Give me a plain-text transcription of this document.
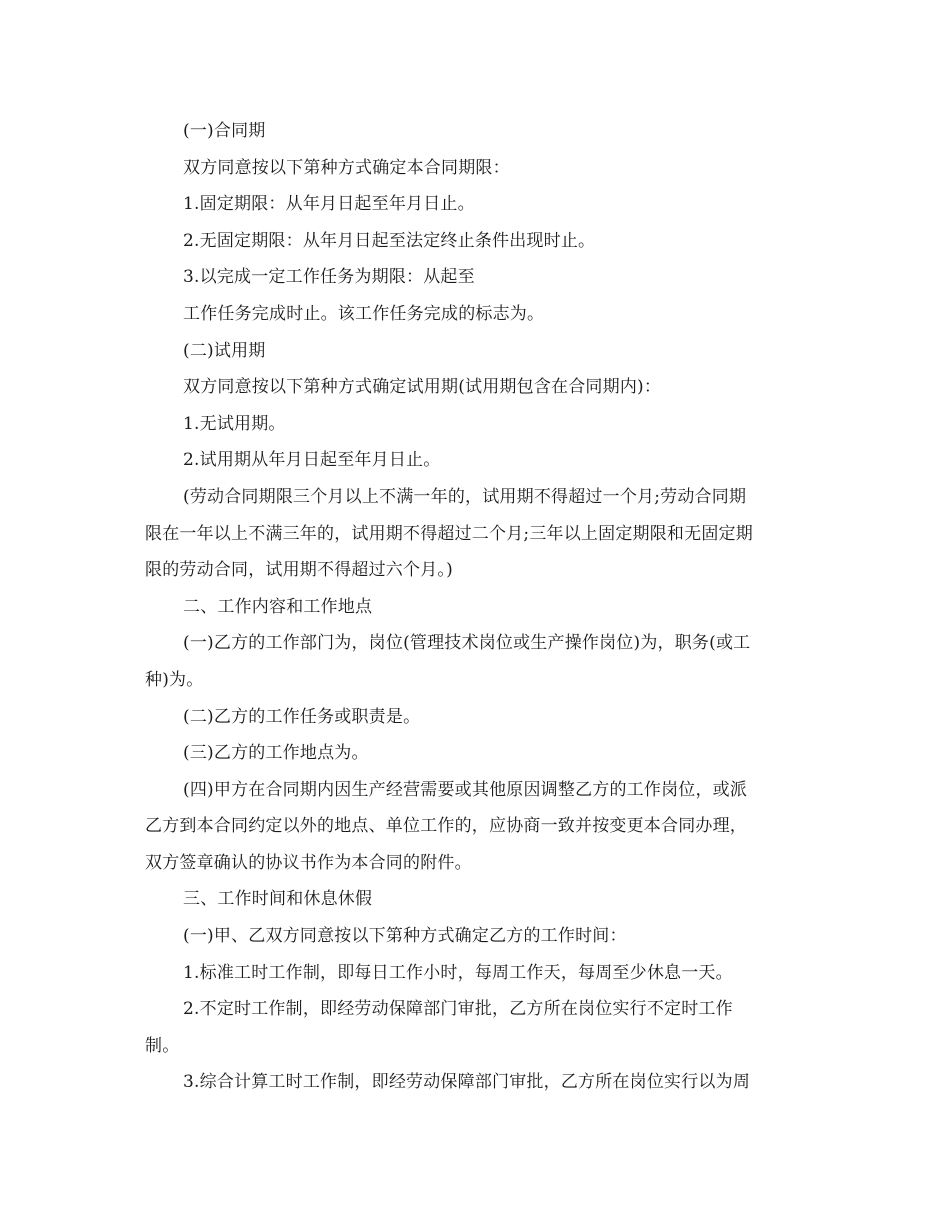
(一)合同期
双方同意按以下第种方式确定本合同期限：
1.固定期限：从年月日起至年月日止。
2.无固定期限：从年月日起至法定终止条件出现时止。
3.以完成一定工作任务为期限：从起至
工作任务完成时止。该工作任务完成的标志为。
(二)试用期
双方同意按以下第种方式确定试用期(试用期包含在合同期内)：
1.无试用期。
2.试用期从年月日起至年月日止。
(劳动合同期限三个月以上不满一年的，试用期不得超过一个月;劳动合同期
限在一年以上不满三年的，试用期不得超过二个月;三年以上固定期限和无固定期
限的劳动合同，试用期不得超过六个月。)
二、工作内容和工作地点
(一)乙方的工作部门为，岗位(管理技术岗位或生产操作岗位)为，职务(或工
种)为。
(二)乙方的工作任务或职责是。
(三)乙方的工作地点为。
(四)甲方在合同期内因生产经营需要或其他原因调整乙方的工作岗位，或派
乙方到本合同约定以外的地点、单位工作的，应协商一致并按变更本合同办理，
双方签章确认的协议书作为本合同的附件。
三、工作时间和休息休假
(一)甲、乙双方同意按以下第种方式确定乙方的工作时间：
1.标准工时工作制，即每日工作小时，每周工作天，每周至少休息一天。
2.不定时工作制，即经劳动保障部门审批，乙方所在岗位实行不定时工作
制。
3.综合计算工时工作制，即经劳动保障部门审批，乙方所在岗位实行以为周
